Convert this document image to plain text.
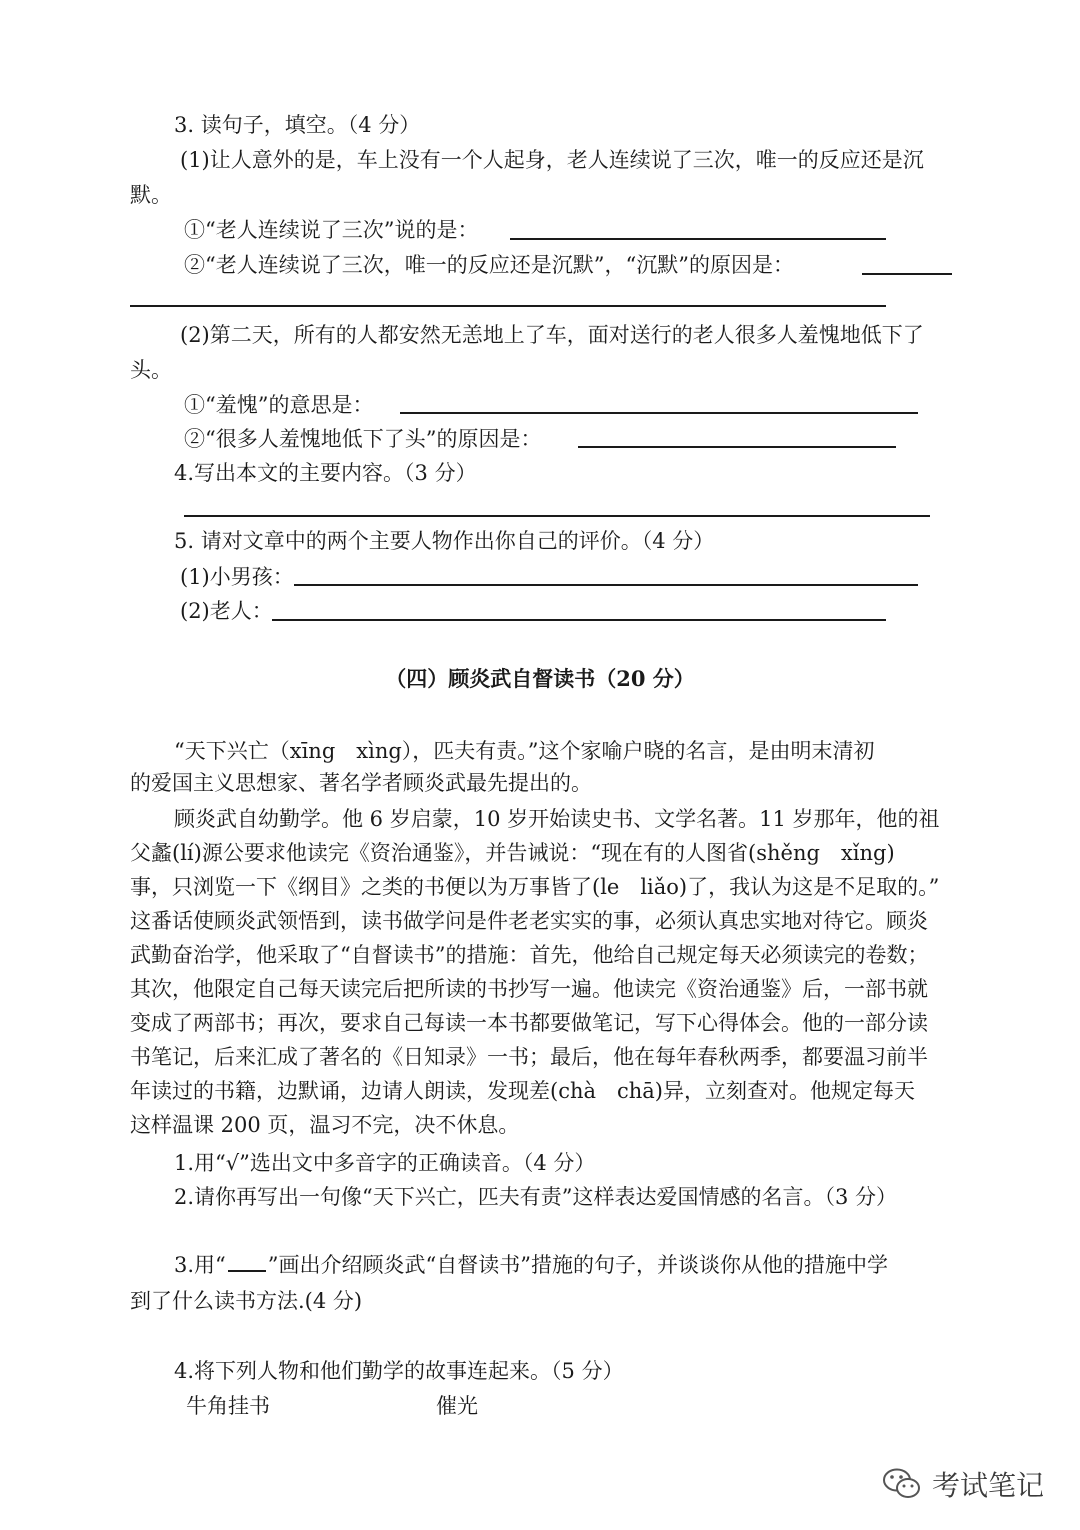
3. 读句子，填空。（4 分）
(1)让人意外的是，车上没有一个人起身，老人连续说了三次，唯一的反应还是沉
默。
①“老人连续说了三次”说的是：
②“老人连续说了三次，唯一的反应还是沉默”，“沉默”的原因是：
(2)第二天，所有的人都安然无恙地上了车，面对送行的老人很多人羞愧地低下了
头。
①“羞愧”的意思是：
②“很多人羞愧地低下了头”的原因是：
4.写出本文的主要内容。（3 分）
5. 请对文章中的两个主要人物作出你自己的评价。（4 分）
(1)小男孩：
(2)老人：
（四）顾炎武自督读书（20 分）
“天下兴亡（xīng　xìng），匹夫有责。”这个家喻户晓的名言，是由明末清初
的爱国主义思想家、著名学者顾炎武最先提出的。
顾炎武自幼勤学。他 6 岁启蒙，10 岁开始读史书、文学名著。11 岁那年，他的祖
父蠡(lí)源公要求他读完《资治通鉴》，并告诫说：“现在有的人图省(shěng　xǐng)
事，只浏览一下《纲目》之类的书便以为万事皆了(le　liǎo)了，我认为这是不足取的。”
这番话使顾炎武领悟到，读书做学问是件老老实实的事，必须认真忠实地对待它。顾炎
武勤奋治学，他采取了“自督读书”的措施：首先，他给自己规定每天必须读完的卷数；
其次，他限定自己每天读完后把所读的书抄写一遍。他读完《资治通鉴》后，一部书就
变成了两部书；再次，要求自己每读一本书都要做笔记，写下心得体会。他的一部分读
书笔记，后来汇成了著名的《日知录》一书；最后，他在每年春秋两季，都要温习前半
年读过的书籍，边默诵，边请人朗读，发现差(chà　chā)异，立刻查对。他规定每天
这样温课 200 页，温习不完，决不休息。
1.用“√”选出文中多音字的正确读音。（4 分）
2.请你再写出一句像“天下兴亡，匹夫有责”这样表达爱国情感的名言。（3 分）
3.用“ ”画出介绍顾炎武“自督读书”措施的句子，并谈谈你从他的措施中学
到了什么读书方法.(4 分)
4.将下列人物和他们勤学的故事连起来。（5 分）
牛角挂书	催光
考试笔记
